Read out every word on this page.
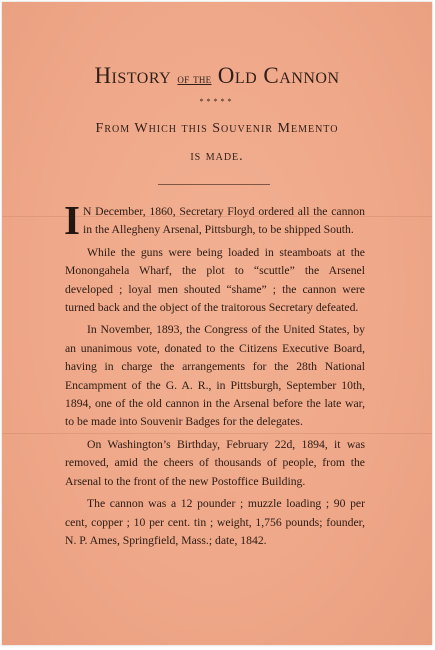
History of the Old Cannon
*****
From Which this Souvenir Memento
is made.

I N December, 1860, Secretary Floyd ordered all the cannon in the Allegheny Arsenal, Pittsburgh, to be shipped South.

While the guns were being loaded in steamboats at the Monongahela Wharf, the plot to “scuttle” the Arsenel developed ; loyal men shouted “shame” ; the cannon were turned back and the object of the traitorous Secretary defeated.

In November, 1893, the Congress of the United States, by an unanimous vote, donated to the Citizens Executive Board, having in charge the arrangements for the 28th National Encampment of the G. A. R., in Pittsburgh, September 10th, 1894, one of the old cannon in the Arsenal before the late war, to be made into Souvenir Badges for the delegates.

On Washington’s Birthday, February 22d, 1894, it was removed, amid the cheers of thousands of people, from the Arsenal to the front of the new Postoffice Building.

The cannon was a 12 pounder ; muzzle loading ; 90 per cent, copper ; 10 per cent. tin ; weight, 1,756 pounds; founder, N. P. Ames, Springfield, Mass.; date, 1842.
